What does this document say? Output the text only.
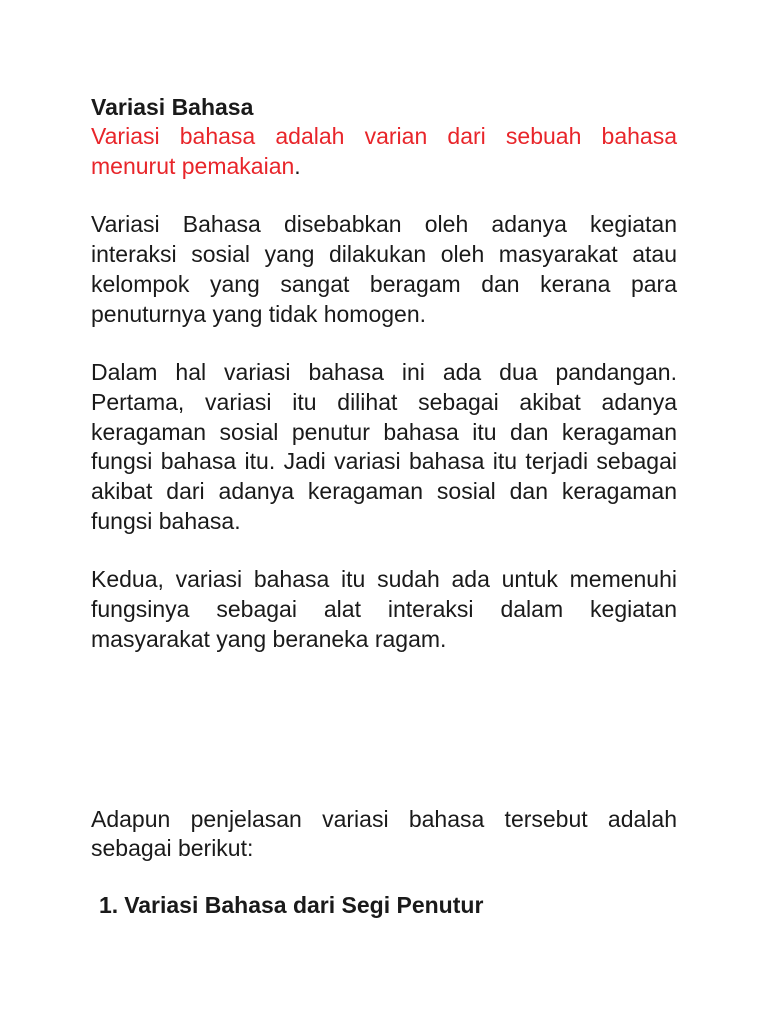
Variasi Bahasa

Variasi bahasa adalah varian dari sebuah bahasa menurut pemakaian.

Variasi Bahasa disebabkan oleh adanya kegiatan interaksi sosial yang dilakukan oleh masyarakat atau kelompok yang sangat beragam dan kerana para penuturnya yang tidak homogen.

Dalam hal variasi bahasa ini ada dua pandangan. Pertama, variasi itu dilihat sebagai akibat adanya keragaman sosial penutur bahasa itu dan keragaman fungsi bahasa itu. Jadi variasi bahasa itu terjadi sebagai akibat dari adanya keragaman sosial dan keragaman fungsi bahasa.

Kedua, variasi bahasa itu sudah ada untuk memenuhi fungsinya sebagai alat interaksi dalam kegiatan masyarakat yang beraneka ragam.

Adapun penjelasan variasi bahasa tersebut adalah sebagai berikut:

1. Variasi Bahasa dari Segi Penutur
